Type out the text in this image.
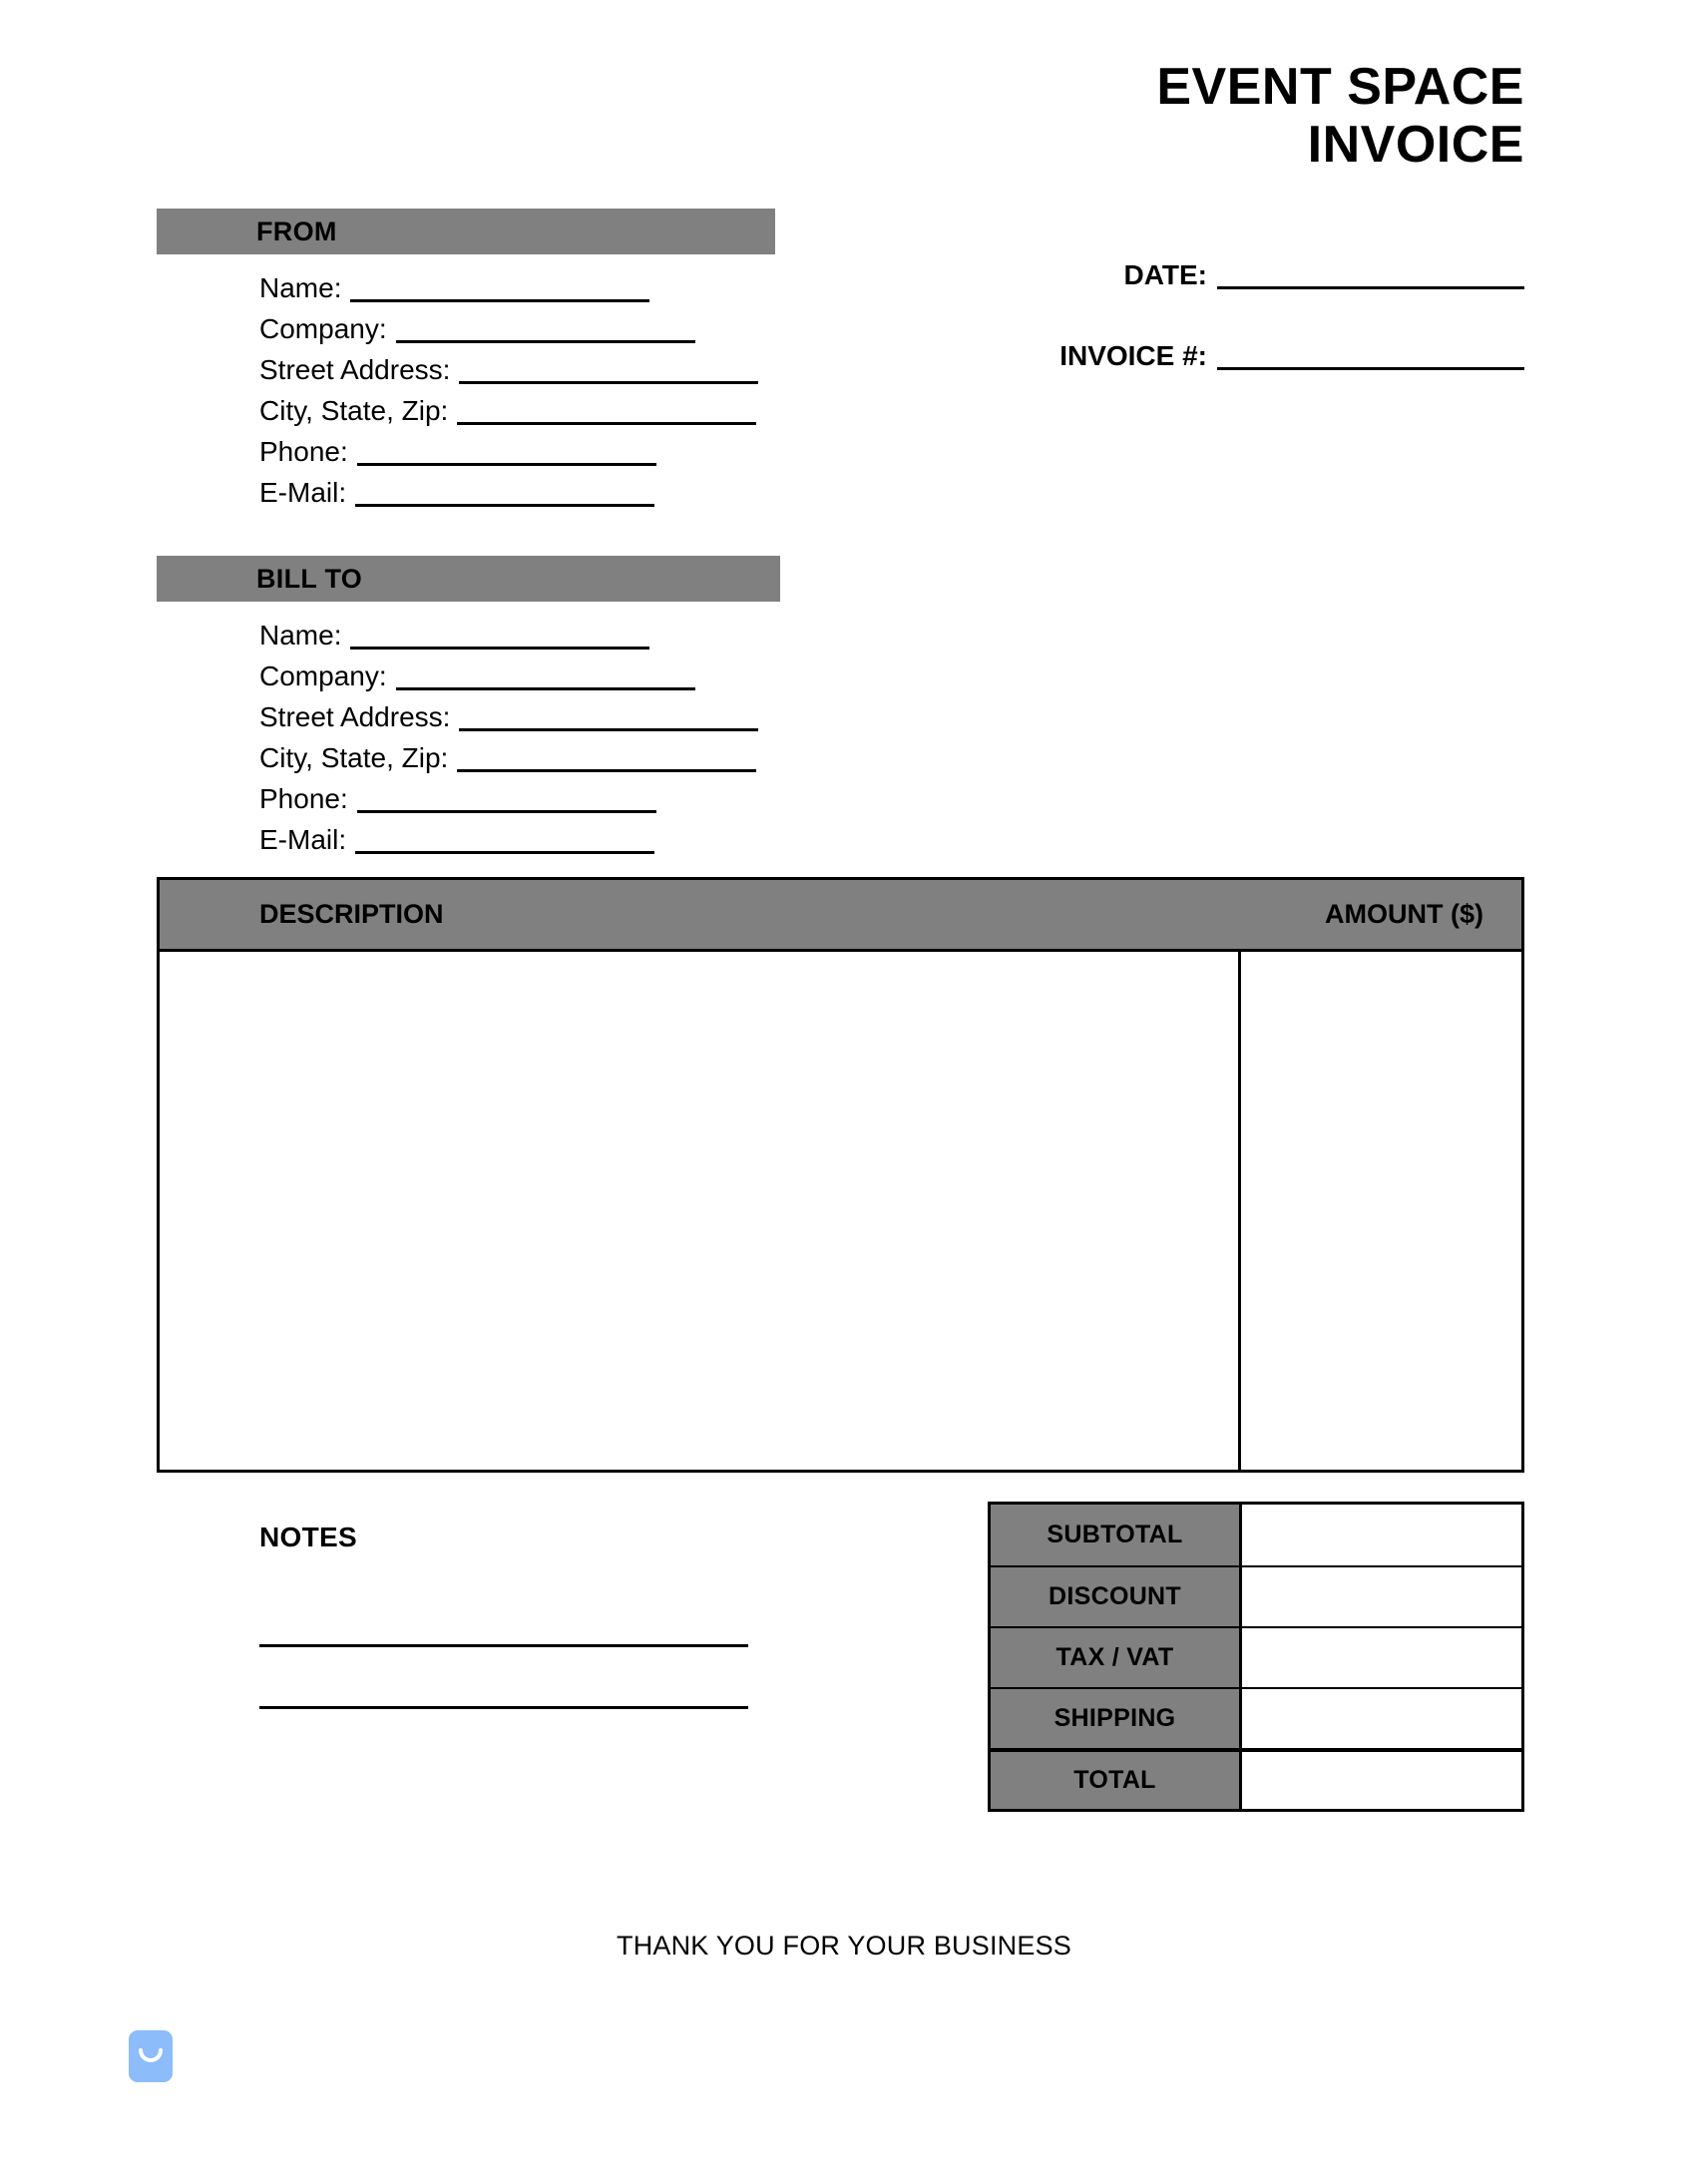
EVENT SPACE
INVOICE
FROM
Name:
Company:
Street Address:
City, State, Zip:
Phone:
E-Mail:
DATE:
INVOICE #:
BILL TO
Name:
Company:
Street Address:
City, State, Zip:
Phone:
E-Mail:
DESCRIPTION	AMOUNT ($)
NOTES	SUBTOTAL
DISCOUNT
TAX / VAT
SHIPPING
TOTAL
THANK YOU FOR YOUR BUSINESS
